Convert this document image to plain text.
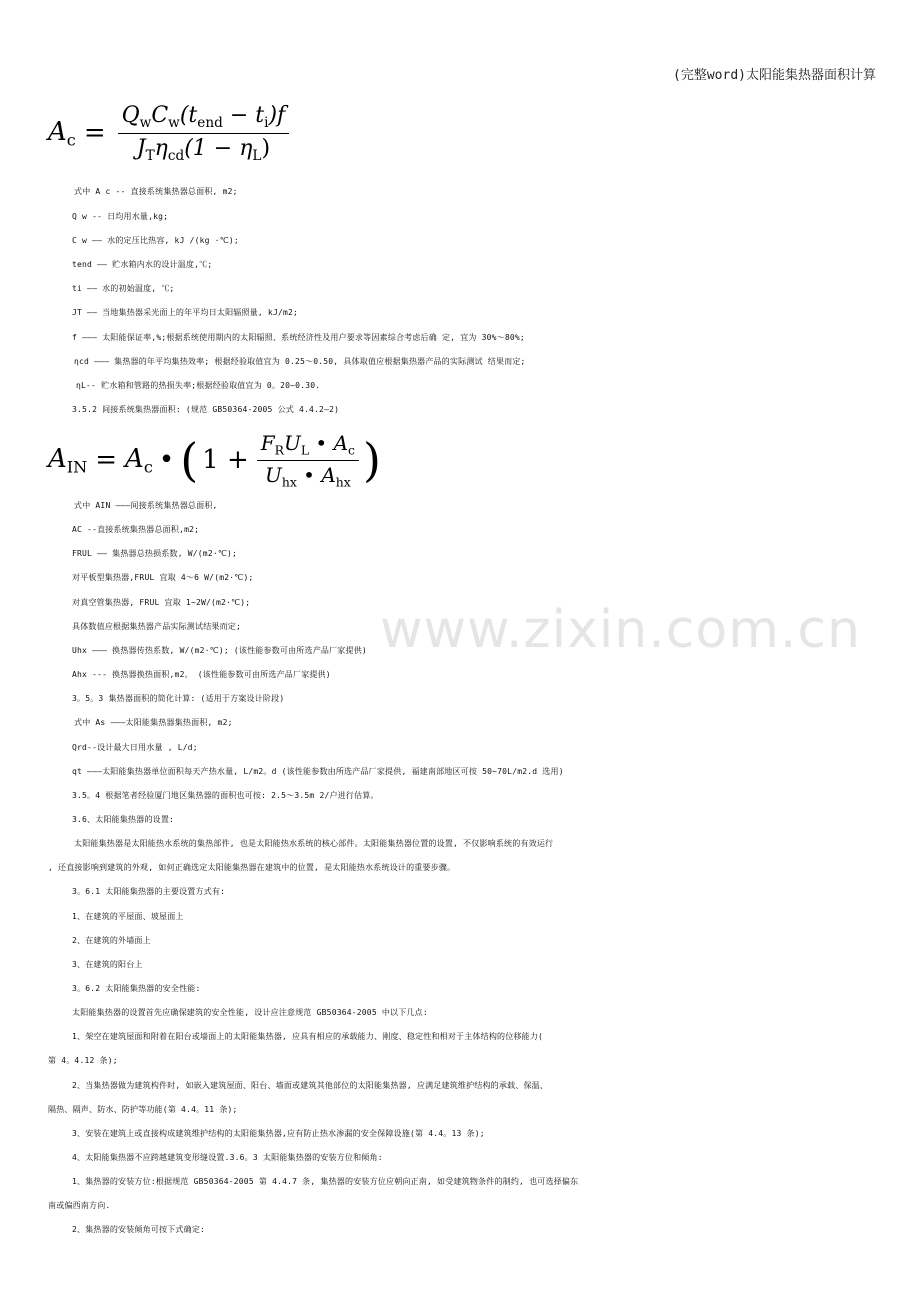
(完整word)太阳能集热器面积计算
$A_c = \frac{Q_wC_w(t_{end} - t_i)f}{J_T\eta_{cd}(1 - \eta_L)}$
$A_{IN} = A_c$ • ( $1 + \frac{F_RU_L • A_c}{U_{hx} • A_{hx}}$ )
式中 A c -- 直接系统集热器总面积, m2;
Q w -- 日均用水量,kg;
C w —— 水的定压比热容, kJ /(kg ·℃);
tend —— 贮水箱内水的设计温度,℃;
ti —— 水的初始温度, ℃;
JT —— 当地集热器采光面上的年平均日太阳辐照量, kJ/m2;
f ——— 太阳能保证率,%;根据系统使用期内的太阳辐照、系统经济性及用户要求等因素综合考虑后确 定, 宜为 30%～80%;
ηcd ——— 集热器的年平均集热效率; 根据经验取值宜为 0.25～0.50, 具体取值应根据集热器产品的实际测试 结果而定;
ηL-- 贮水箱和管路的热损失率;根据经验取值宜为 0。20~0.30.
3.5.2 间接系统集热器面积: (规范 GB50364-2005 公式 4.4.2—2)
式中 AIN ———间接系统集热器总面积,
AC --直接系统集热器总面积,m2;
FRUL —— 集热器总热损系数, W/(m2·℃);
对平板型集热器,FRUL 宜取 4～6 W/(m2·℃);
对真空管集热器, FRUL 宜取 1~2W/(m2·℃);
具体数值应根据集热器产品实际测试结果而定;
Uhx ——— 换热器传热系数, W/(m2·℃); (该性能参数可由所选产品厂家提供)
Ahx --- 换热器换热面积,m2。 (该性能参数可由所选产品厂家提供)
3。5。3 集热器面积的简化计算: (适用于方案设计阶段)
式中 As ———太阳能集热器集热面积, m2;
Qrd--设计最大日用水量 , L/d;
qt ———太阳能集热器单位面积每天产热水量, L/m2。d (该性能参数由所选产品厂家提供, 福建南部地区可按 50~70L/m2.d 选用)
3.5。4 根据笔者经验厦门地区集热器的面积也可按: 2.5～3.5m 2/户进行估算。
3.6、太阳能集热器的设置:
太阳能集热器是太阳能热水系统的集热部件, 也是太阳能热水系统的核心部件。太阳能集热器位置的设置, 不仅影响系统的有效运行
, 还直接影响到建筑的外观, 如何正确选定太阳能集热器在建筑中的位置, 是太阳能热水系统设计的重要步骤。
3。6.1 太阳能集热器的主要设置方式有:
1、在建筑的平屋面、坡屋面上
2、在建筑的外墙面上
3、在建筑的阳台上
3。6.2 太阳能集热器的安全性能:
太阳能集热器的设置首先应确保建筑的安全性能, 设计应注意规范 GB50364-2005 中以下几点:
1、架空在建筑屋面和附着在阳台或墙面上的太阳能集热器, 应具有相应的承载能力、刚度、稳定性和相对于主体结构的位移能力(
第 4。4.12 条);
2、当集热器做为建筑构件时, 如嵌入建筑屋面、阳台、墙面或建筑其他部位的太阳能集热器, 应满足建筑维护结构的承载、保温、
隔热、隔声、防水、防护等功能(第 4.4。11 条);
3、安装在建筑上或直接构成建筑维护结构的太阳能集热器,应有防止热水渗漏的安全保障设施(第 4.4。13 条);
4、太阳能集热器不应跨越建筑变形缝设置.3.6。3 太阳能集热器的安装方位和倾角:
1、集热器的安装方位:根据规范 GB50364-2005 第 4.4.7 条, 集热器的安装方位应朝向正南, 如受建筑物条件的制约, 也可选择偏东
南或偏西南方向.
2、集热器的安装倾角可按下式确定:
www.zixin.com.cn
